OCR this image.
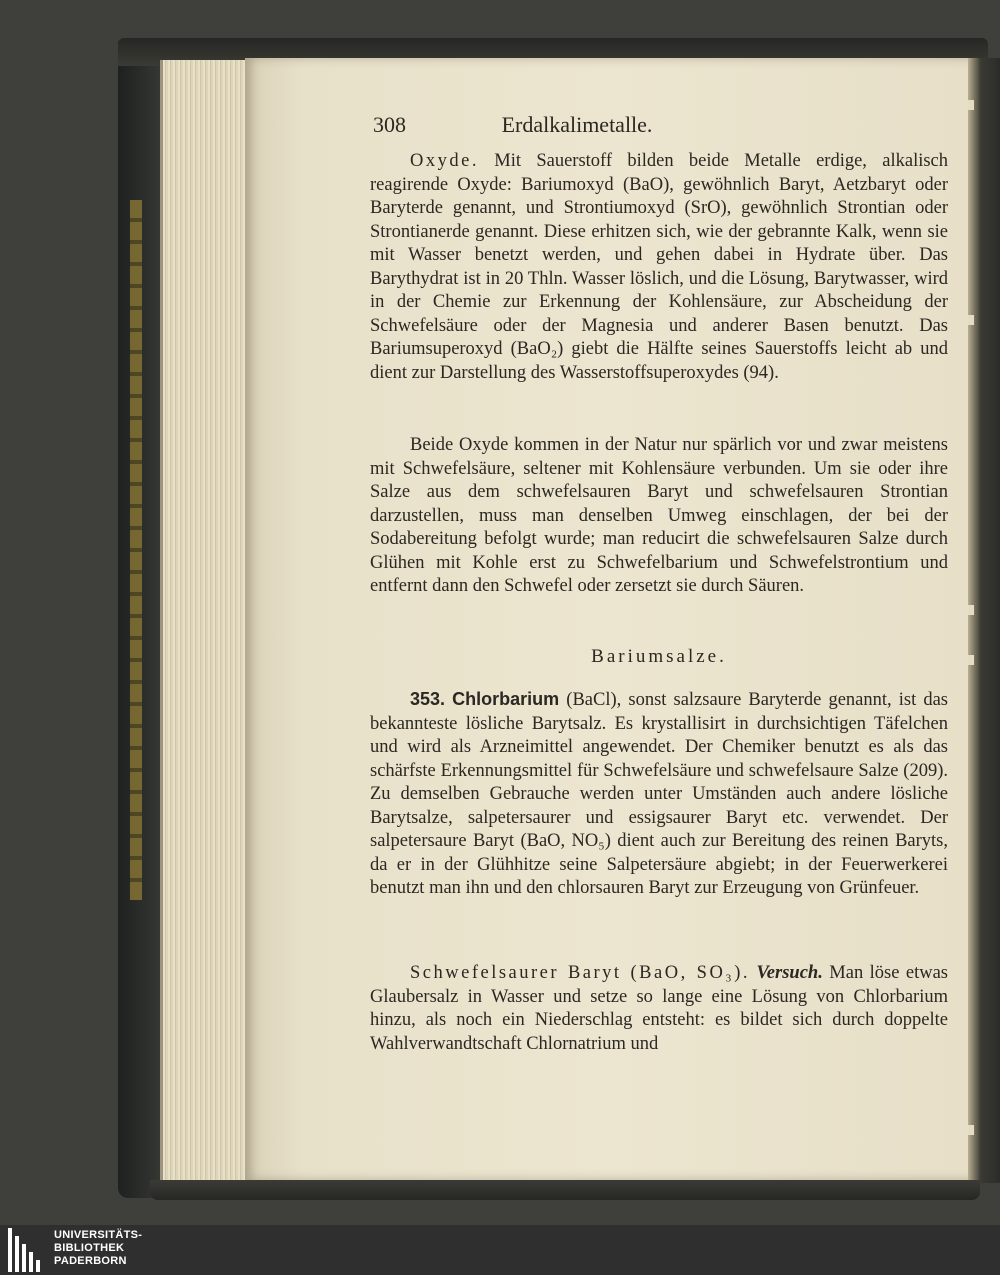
308	Erdalkalimetalle.

Oxyde. Mit Sauerstoff bilden beide Metalle erdige, alkalisch reagirende Oxyde: Bariumoxyd (BaO), gewöhnlich Baryt, Aetzbaryt oder Baryterde genannt, und Strontiumoxyd (SrO), gewöhnlich Strontian oder Strontianerde genannt. Diese erhitzen sich, wie der gebrannte Kalk, wenn sie mit Wasser benetzt werden, und gehen dabei in Hydrate über. Das Barythydrat ist in 20 Thln. Wasser löslich, und die Lösung, Barytwasser, wird in der Chemie zur Erkennung der Kohlensäure, zur Abscheidung der Schwefelsäure oder der Magnesia und anderer Basen benutzt. Das Bariumsuperoxyd (BaO₂) giebt die Hälfte seines Sauerstoffs leicht ab und dient zur Darstellung des Wasserstoffsuperoxydes (94).

Beide Oxyde kommen in der Natur nur spärlich vor und zwar meistens mit Schwefelsäure, seltener mit Kohlensäure verbunden. Um sie oder ihre Salze aus dem schwefelsauren Baryt und schwefelsauren Strontian darzustellen, muss man denselben Umweg einschlagen, der bei der Sodabereitung befolgt wurde; man reducirt die schwefelsauren Salze durch Glühen mit Kohle erst zu Schwefelbarium und Schwefelstrontium und entfernt dann den Schwefel oder zersetzt sie durch Säuren.

Bariumsalze.

353. Chlorbarium (BaCl), sonst salzsaure Baryterde genannt, ist das bekannteste lösliche Barytsalz. Es krystallisirt in durchsichtigen Täfelchen und wird als Arzneimittel angewendet. Der Chemiker benutzt es als das schärfste Erkennungsmittel für Schwefelsäure und schwefelsaure Salze (209). Zu demselben Gebrauche werden unter Umständen auch andere lösliche Barytsalze, salpetersaurer und essigsaurer Baryt etc. verwendet. Der salpetersaure Baryt (BaO, NO₅) dient auch zur Bereitung des reinen Baryts, da er in der Glühhitze seine Salpetersäure abgiebt; in der Feuerwerkerei benutzt man ihn und den chlorsauren Baryt zur Erzeugung von Grünfeuer.

Schwefelsaurer Baryt (BaO, SO₃). Versuch. Man löse etwas Glaubersalz in Wasser und setze so lange eine Lösung von Chlorbarium hinzu, als noch ein Niederschlag entsteht: es bildet sich durch doppelte Wahlverwandtschaft Chlornatrium und

UNIVERSITÄTS-
BIBLIOTHEK
PADERBORN
